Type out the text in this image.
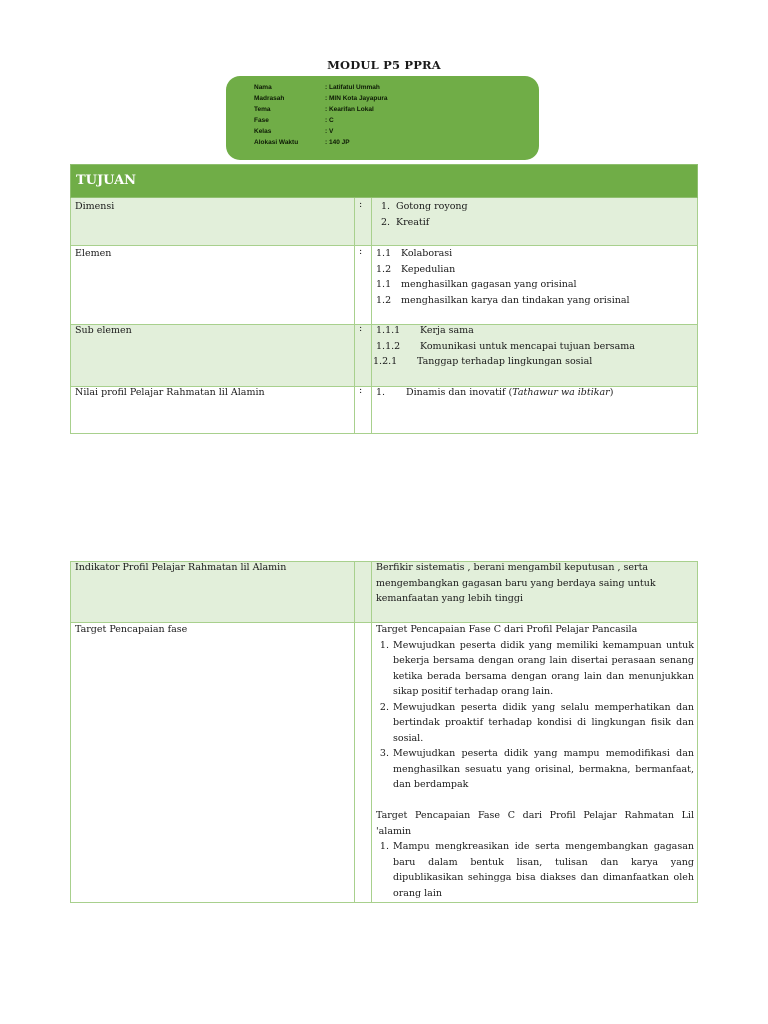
MODUL P5 PPRA
Nama	: Latifatul Ummah
Madrasah	: MIN Kota Jayapura
Tema	: Kearifan Lokal
Fase	: C
Kelas	: V
Alokasi Waktu	: 140 JP
TUJUAN
Dimensi	: 1. Gotong royong
2. Kreatif
Elemen	: 1.1 Kolaborasi
1.2 Kepedulian
1.1 menghasilkan gagasan yang orisinal
1.2 menghasilkan karya dan tindakan yang orisinal
Sub elemen	: 1.1.1 Kerja sama
1.1.2 Komunikasi untuk mencapai tujuan bersama
1.2.1 Tanggap terhadap lingkungan sosial
Nilai profil Pelajar Rahmatan lil Alamin	: 1. Dinamis dan inovatif (Tathawur wa ibtikar)
Indikator Profil Pelajar Rahmatan lil Alamin	Berfikir sistematis , berani mengambil keputusan , serta mengembangkan gagasan baru yang berdaya saing untuk kemanfaatan yang lebih tinggi
Target Pencapaian fase	Target Pencapaian Fase C dari Profil Pelajar Pancasila
1. Mewujudkan peserta didik yang memiliki kemampuan untuk bekerja bersama dengan orang lain disertai perasaan senang ketika berada bersama dengan orang lain dan menunjukkan sikap positif terhadap orang lain.
2. Mewujudkan peserta didik yang selalu memperhatikan dan bertindak proaktif terhadap kondisi di lingkungan fisik dan sosial.
3. Mewujudkan peserta didik yang mampu memodifikasi dan menghasilkan sesuatu yang orisinal, bermakna, bermanfaat, dan berdampak
Target Pencapaian Fase C dari Profil Pelajar Rahmatan Lil 'alamin
1. Mampu mengkreasikan ide serta mengembangkan gagasan baru dalam bentuk lisan, tulisan dan karya yang dipublikasikan sehingga bisa diakses dan dimanfaatkan oleh orang lain
